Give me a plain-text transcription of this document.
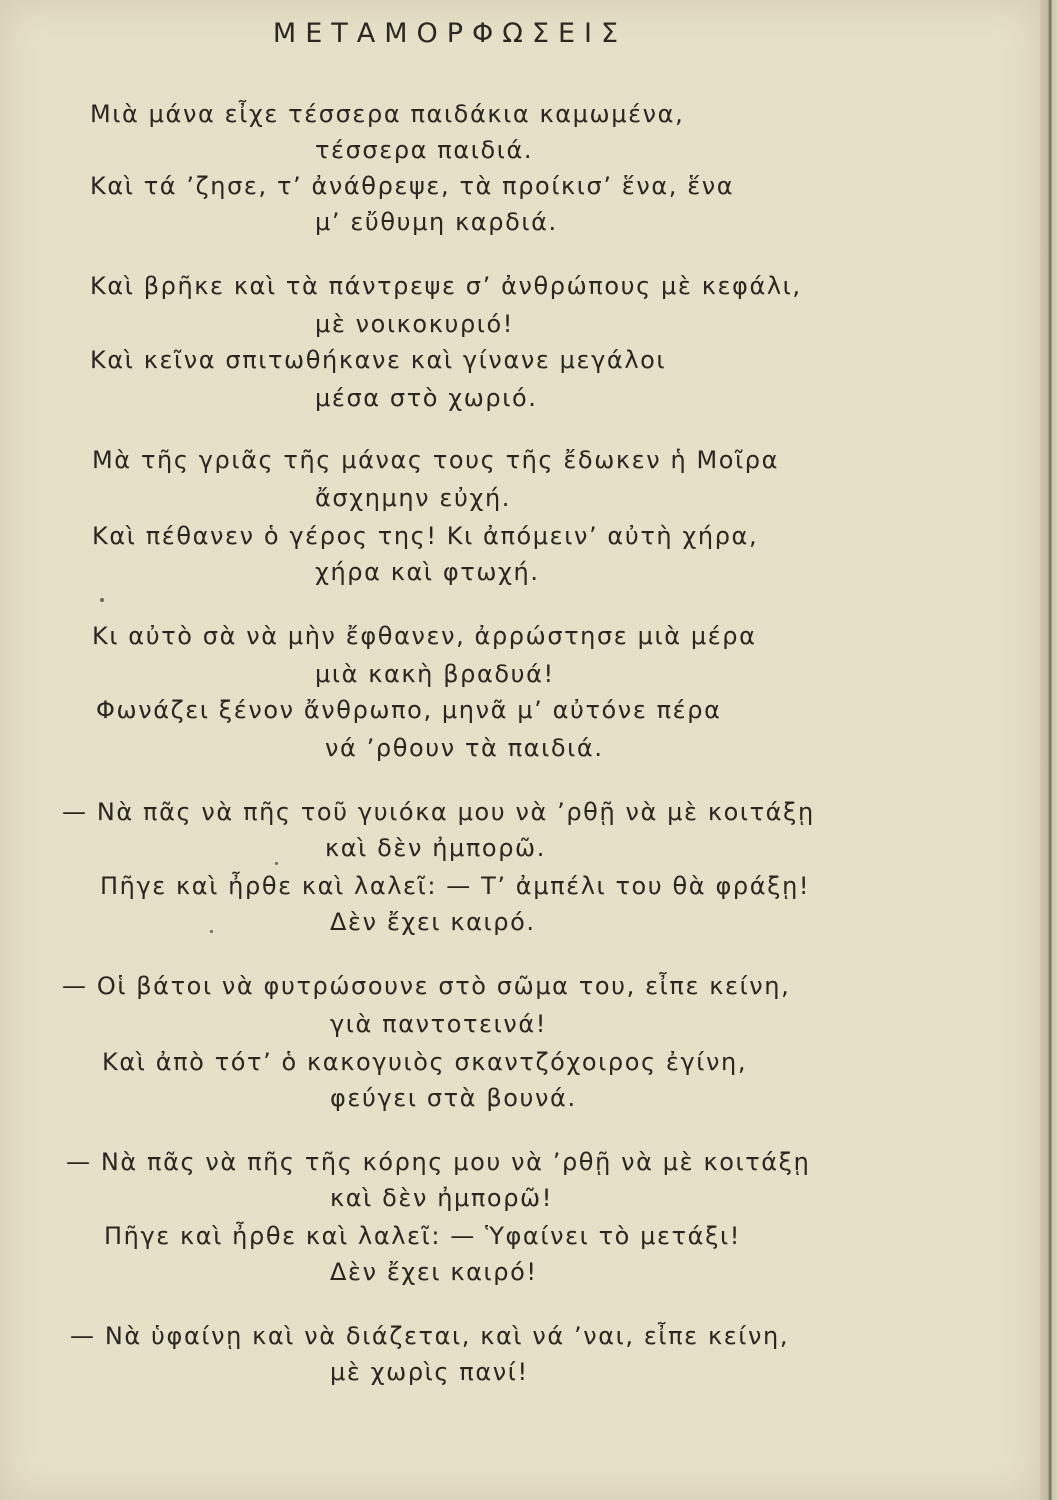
ΜΕΤΑΜΟΡΦΩΣΕΙΣ
Μιὰ μάνα εἶχε τέσσερα παιδάκια καμωμένα,
τέσσερα παιδιά.
Καὶ τά ’ζησε, τ’ ἀνάθρεψε, τὰ προίκισ’ ἕνα, ἕνα
μ’ εὔθυμη καρδιά.
Καὶ βρῆκε καὶ τὰ πάντρεψε σ’ ἀνθρώπους μὲ κεφάλι,
μὲ νοικοκυριό!
Καὶ κεῖνα σπιτωθήκανε καὶ γίνανε μεγάλοι
μέσα στὸ χωριό.
Μὰ τῆς γριᾶς τῆς μάνας τους τῆς ἔδωκεν ἡ Μοῖρα
ἄσχημην εὐχή.
Καὶ πέθανεν ὁ γέρος της! Κι ἀπόμειν’ αὐτὴ χήρα,
χήρα καὶ φτωχή.
Κι αὐτὸ σὰ νὰ μὴν ἔφθανεν, ἀρρώστησε μιὰ μέρα
μιὰ κακὴ βραδυά!
Φωνάζει ξένον ἄνθρωπο, μηνᾶ μ’ αὐτόνε πέρα
νά ’ρθουν τὰ παιδιά.
— Νὰ πᾶς νὰ πῆς τοῦ γυιόκα μου νὰ ’ρθῇ νὰ μὲ κοιτάξῃ
καὶ δὲν ἠμπορῶ.
Πῆγε καὶ ἦρθε καὶ λαλεῖ: — Τ’ ἀμπέλι του θὰ φράξῃ!
Δὲν ἔχει καιρό.
— Οἱ βάτοι νὰ φυτρώσουνε στὸ σῶμα του, εἶπε κείνη,
γιὰ παντοτεινά!
Καὶ ἀπὸ τότ’ ὁ κακογυιὸς σκαντζόχοιρος ἐγίνη,
φεύγει στὰ βουνά.
— Νὰ πᾶς νὰ πῆς τῆς κόρης μου νὰ ’ρθῇ νὰ μὲ κοιτάξῃ
καὶ δὲν ἠμπορῶ!
Πῆγε καὶ ἦρθε καὶ λαλεῖ: — Ὑφαίνει τὸ μετάξι!
Δὲν ἔχει καιρό!
— Νὰ ὑφαίνῃ καὶ νὰ διάζεται, καὶ νά ’ναι, εἶπε κείνη,
μὲ χωρὶς πανί!
